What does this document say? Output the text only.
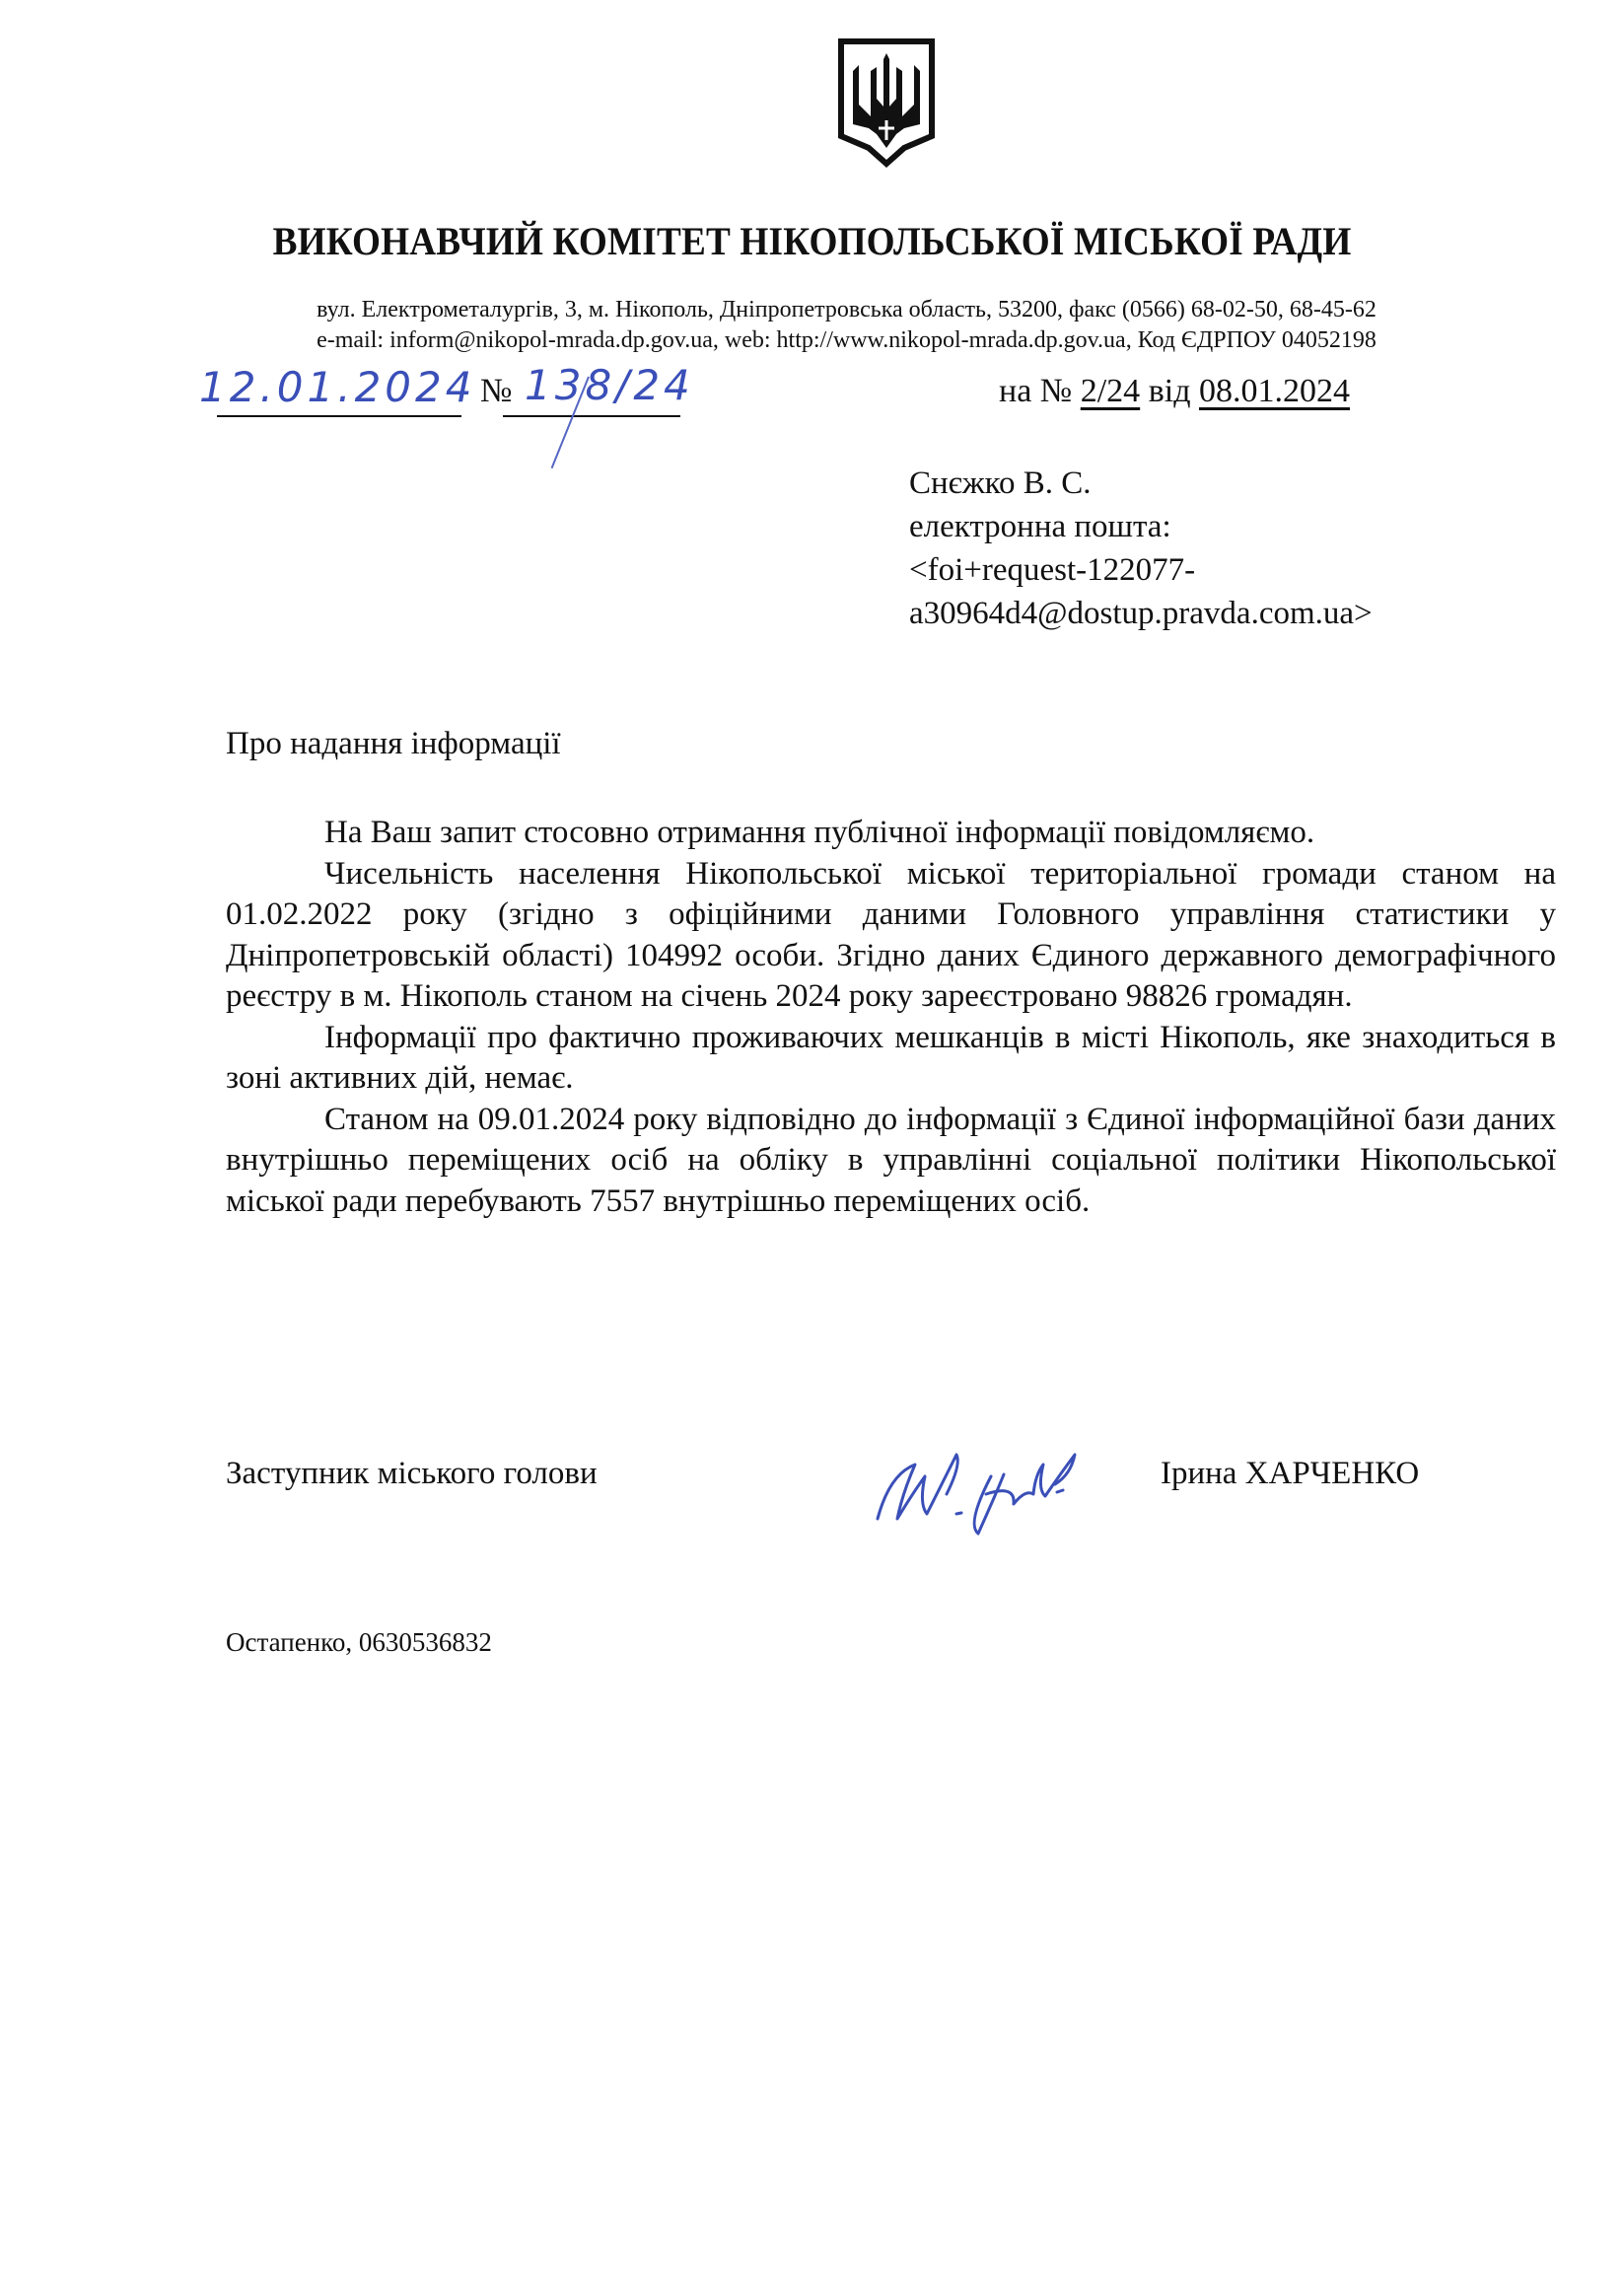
ВИКОНАВЧИЙ КОМІТЕТ НІКОПОЛЬСЬКОЇ МІСЬКОЇ РАДИ
вул. Електрометалургів, 3, м. Нікополь, Дніпропетровська область, 53200, факс (0566) 68-02-50, 68-45-62
e-mail: inform@nikopol-mrada.dp.gov.ua, web: http://www.nikopol-mrada.dp.gov.ua, Код ЄДРПОУ 04052198
12.01.2024 № 138/24	на № 2/24 від 08.01.2024
Снєжко В. С.
електронна пошта:
<foi+request-122077-
a30964d4@dostup.pravda.com.ua>
Про надання інформації

На Ваш запит стосовно отримання публічної інформації повідомляємо.

Чисельність населення Нікопольської міської територіальної громади станом на 01.02.2022 року (згідно з офіційними даними Головного управління статистики у Дніпропетровській області) 104992 особи. Згідно даних Єдиного державного демографічного реєстру в м. Нікополь станом на січень 2024 року зареєстровано 98826 громадян.

Інформації про фактично проживаючих мешканців в місті Нікополь, яке знаходиться в зоні активних дій, немає.

Станом на 09.01.2024 року відповідно до інформації з Єдиної інформаційної бази даних внутрішньо переміщених осіб на обліку в управлінні соціальної політики Нікопольської міської ради перебувають 7557 внутрішньо переміщених осіб.

Заступник міського голови	Ірина ХАРЧЕНКО
Остапенко, 0630536832
